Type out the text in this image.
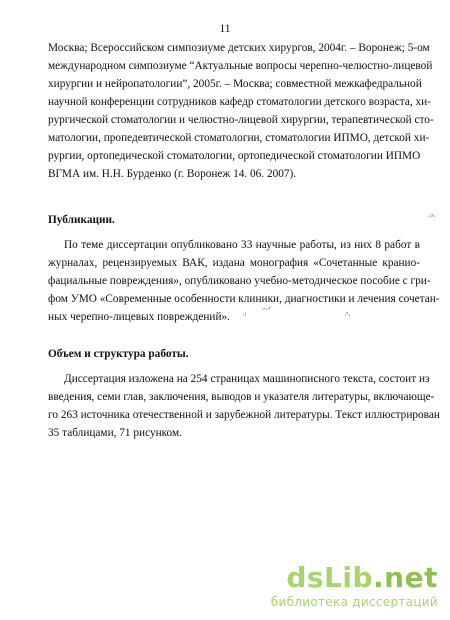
11
Москва; Всероссийском симпозиуме детских хирургов, 2004г. – Воронеж; 5-ом
международном симпозиуме “Актуальные вопросы черепно-челюстно-лицевой
хирургии и нейропатологии”, 2005г. – Москва; совместной межкафедральной
научной конференции сотрудников кафедр стоматологии детского возраста, хи-
рургической стоматологии и челюстно-лицевой хирургии, терапевтической сто-
матологии, пропедевтической стоматологии, стоматологии ИПМО, детской хи-
рургии, ортопедической стоматологии, ортопедической стоматологии ИПМО
ВГМА им. Н.Н. Бурденко (г. Воронеж 14. 06. 2007).
Публикации.
По теме диссертации опубликовано 33 научные работы, из них 8 работ в
журналах, рецензируемых ВАК, издана монография «Сочетанные кранио-
фациальные повреждения», опубликовано учебно-методическое пособие с гри-
фом УМО «Современные особенности клиники, диагностики и лечения сочетан-
ных черепно-лицевых повреждений».
·ᵌ·
·ⁱ
ᵕ·ᐟ
ᐧ'·
Объем и структура работы.
Диссертация изложена на 254 страницах машинописного текста, состоит из
введения, семи глав, заключения, выводов и указателя литературы, включающе-
го 263 источника отечественной и зарубежной литературы. Текст иллюстрирован
35 таблицами, 71 рисунком.
dsLib.net
библиотека диссертаций
